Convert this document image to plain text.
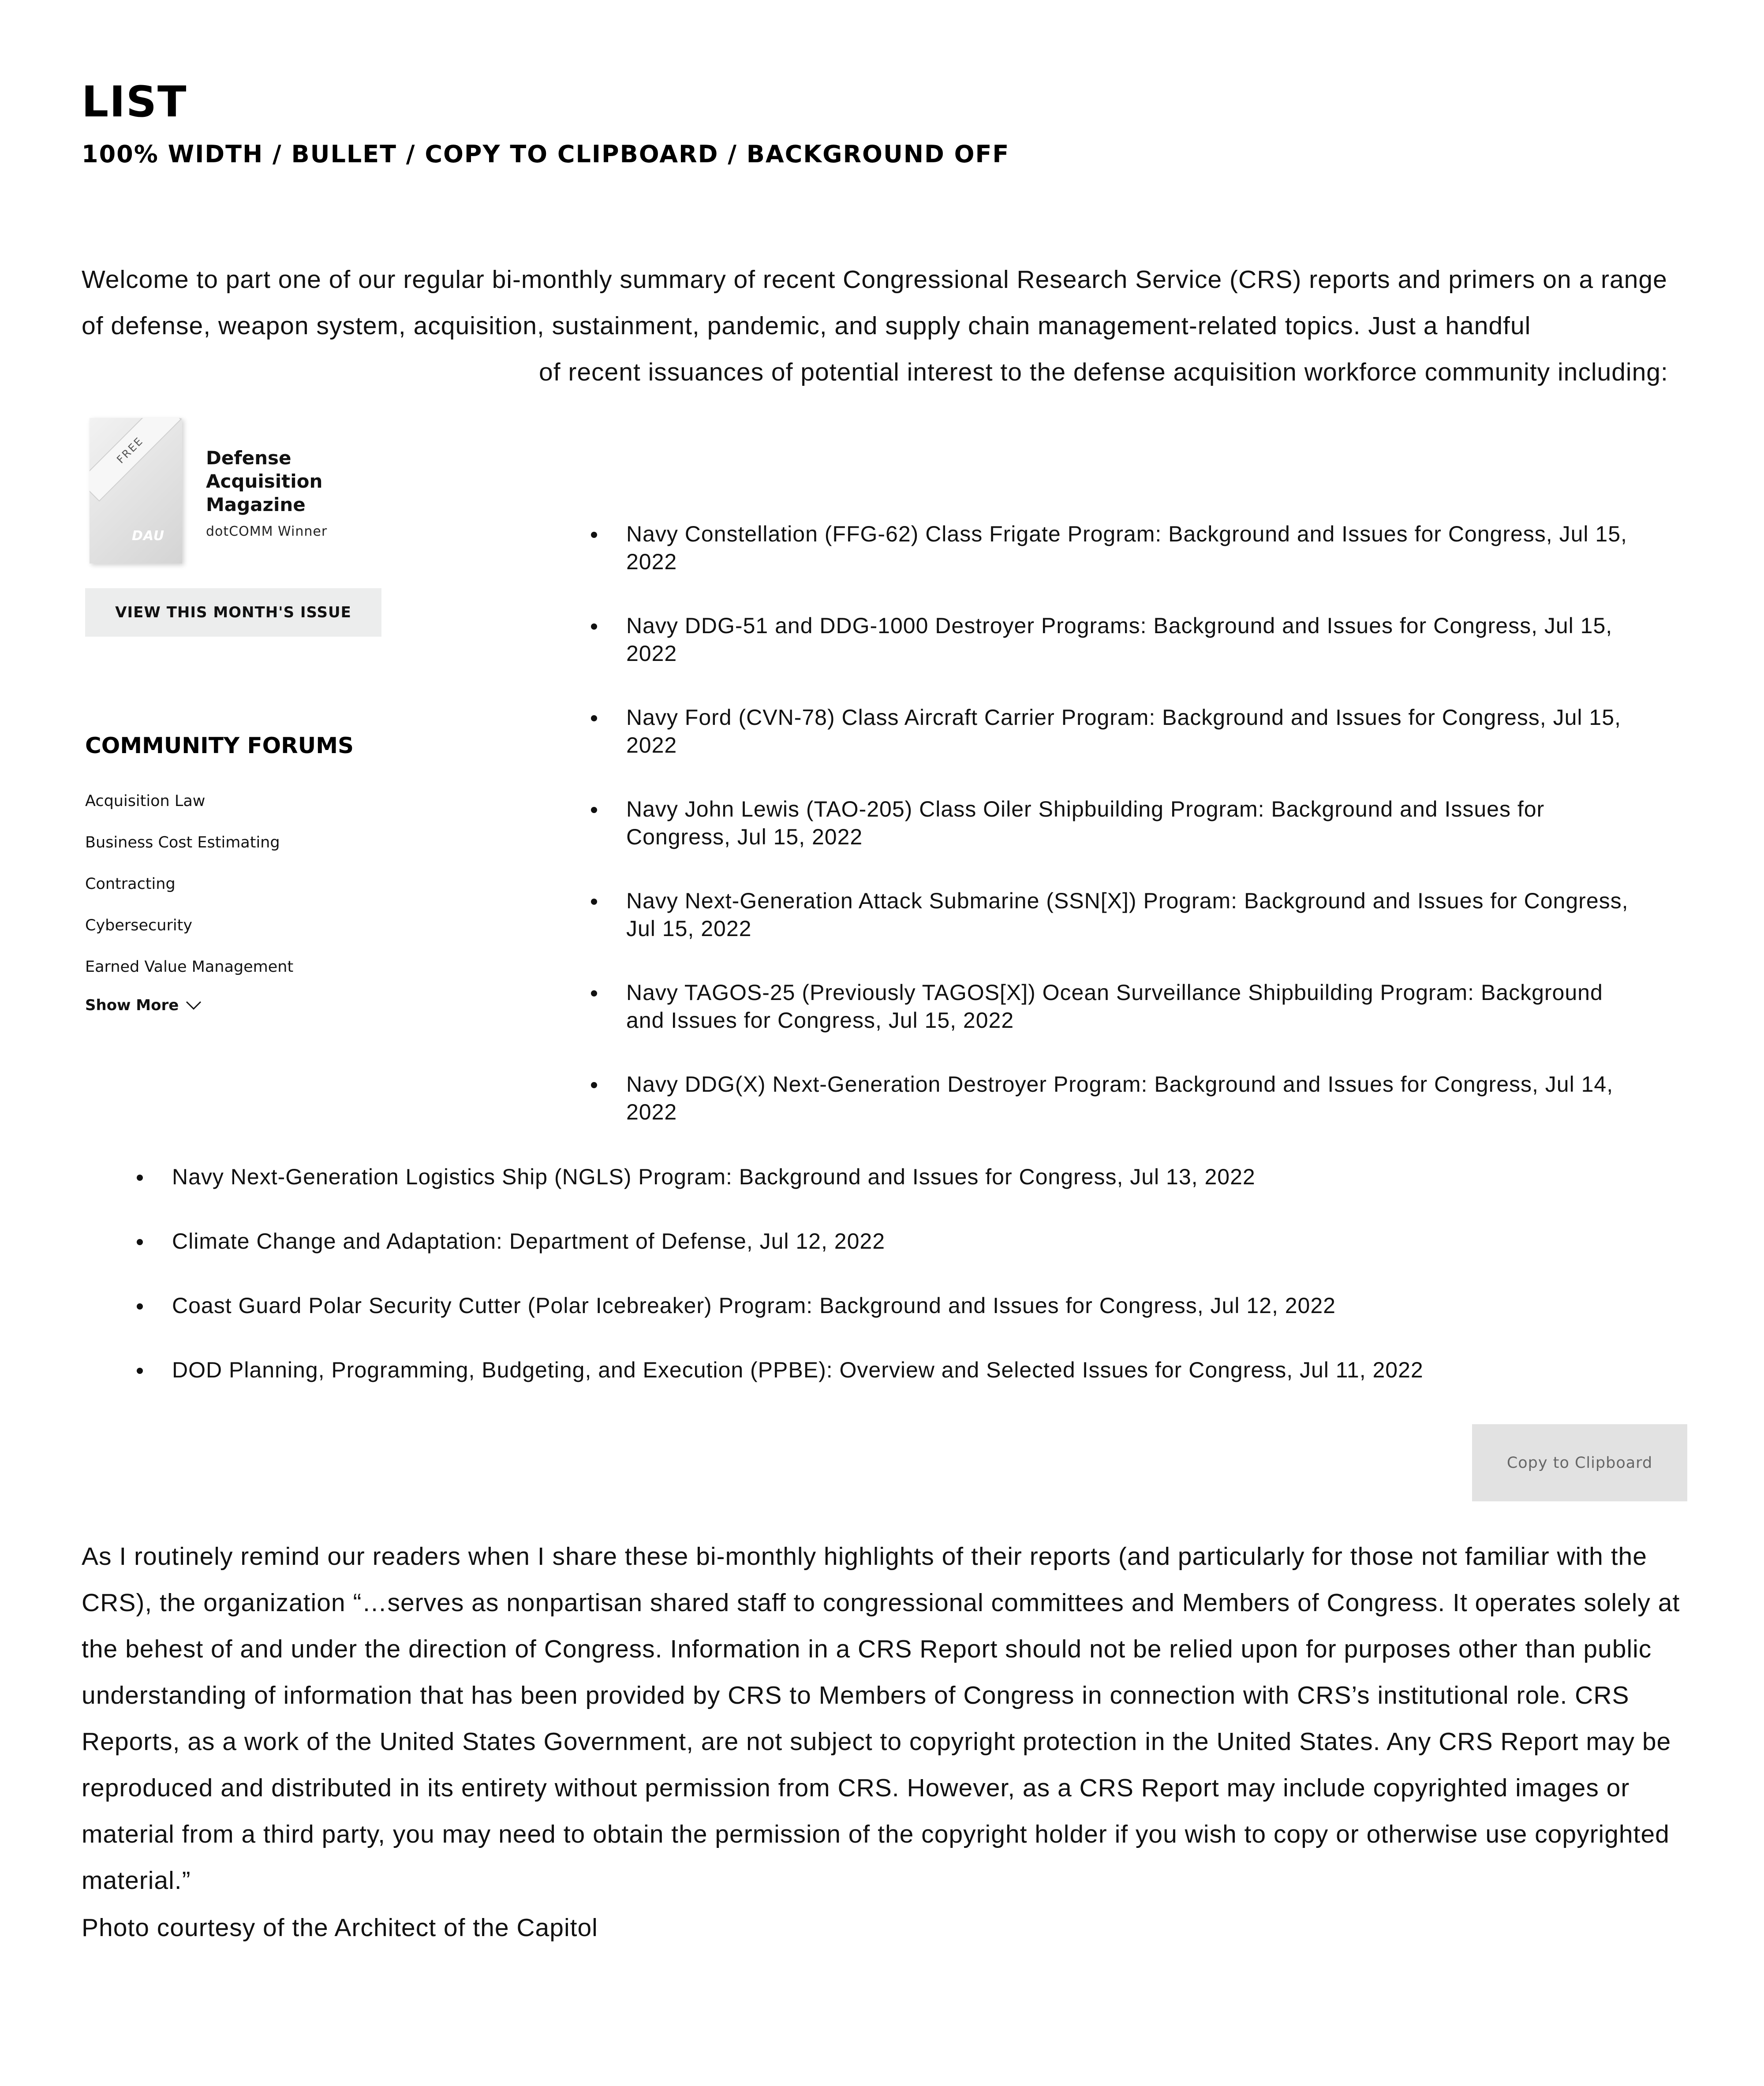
LIST
100% WIDTH / BULLET / COPY TO CLIPBOARD / BACKGROUND OFF

Welcome to part one of our regular bi-monthly summary of recent Congressional Research Service (CRS) reports and primers on a range of defense, weapon system, acquisition, sustainment, pandemic, and supply chain management-related topics. Just a handful

of recent issuances of potential interest to the defense acquisition workforce community including:

FREE
DAU
Defense Acquisition Magazine
dotCOMM Winner
VIEW THIS MONTH'S ISSUE
COMMUNITY FORUMS
Acquisition Law
Business Cost Estimating
Contracting
Cybersecurity
Earned Value Management
Show More
Navy Constellation (FFG-62) Class Frigate Program: Background and Issues for Congress, Jul 15, 2022
Navy DDG-51 and DDG-1000 Destroyer Programs: Background and Issues for Congress, Jul 15, 2022
Navy Ford (CVN-78) Class Aircraft Carrier Program: Background and Issues for Congress, Jul 15, 2022
Navy John Lewis (TAO-205) Class Oiler Shipbuilding Program: Background and Issues for Congress, Jul 15, 2022
Navy Next-Generation Attack Submarine (SSN[X]) Program: Background and Issues for Congress, Jul 15, 2022
Navy TAGOS-25 (Previously TAGOS[X]) Ocean Surveillance Shipbuilding Program: Background and Issues for Congress, Jul 15, 2022
Navy DDG(X) Next-Generation Destroyer Program: Background and Issues for Congress, Jul 14, 2022
Navy Next-Generation Logistics Ship (NGLS) Program: Background and Issues for Congress, Jul 13, 2022
Climate Change and Adaptation: Department of Defense, Jul 12, 2022
Coast Guard Polar Security Cutter (Polar Icebreaker) Program: Background and Issues for Congress, Jul 12, 2022
DOD Planning, Programming, Budgeting, and Execution (PPBE): Overview and Selected Issues for Congress, Jul 11, 2022
Copy to Clipboard

As I routinely remind our readers when I share these bi-monthly highlights of their reports (and particularly for those not familiar with the CRS), the organization “…serves as nonpartisan shared staff to congressional committees and Members of Congress. It operates solely at the behest of and under the direction of Congress. Information in a CRS Report should not be relied upon for purposes other than public understanding of information that has been provided by CRS to Members of Congress in connection with CRS’s institutional role. CRS Reports, as a work of the United States Government, are not subject to copyright protection in the United States. Any CRS Report may be reproduced and distributed in its entirety without permission from CRS. However, as a CRS Report may include copyrighted images or material from a third party, you may need to obtain the permission of the copyright holder if you wish to copy or otherwise use copyrighted material.”

Photo courtesy of the Architect of the Capitol
